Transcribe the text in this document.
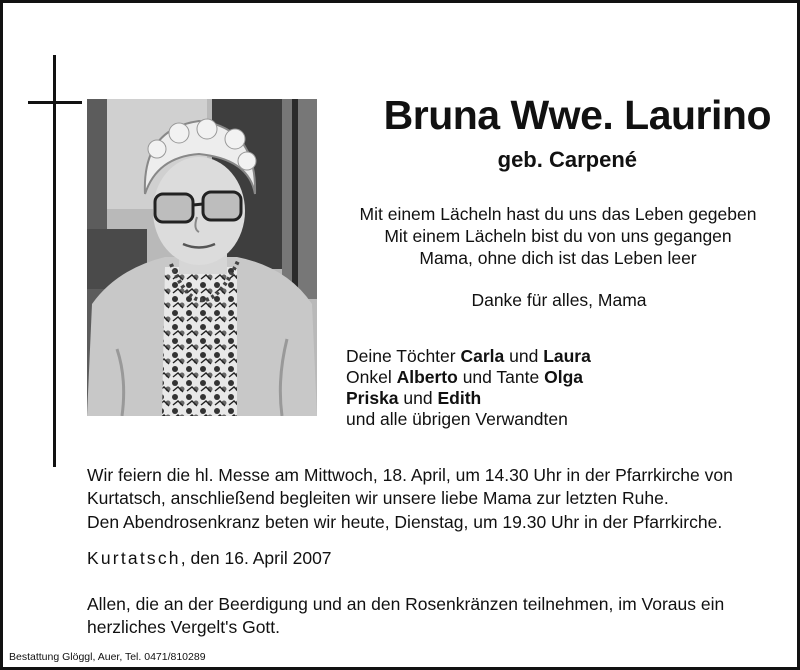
Bruna Wwe. Laurino
geb. Carpené
Mit einem Lächeln hast du uns das Leben gegeben
Mit einem Lächeln bist du von uns gegangen
Mama, ohne dich ist das Leben leer
Danke für alles, Mama
Deine Töchter Carla und Laura
Onkel Alberto und Tante Olga
Priska und Edith
und alle übrigen Verwandten
Wir feiern die hl. Messe am Mittwoch, 18. April, um 14.30 Uhr in der Pfarrkirche von Kurtatsch, anschließend begleiten wir unsere liebe Mama zur letzten Ruhe.
Den Abendrosenkranz beten wir heute, Dienstag, um 19.30 Uhr in der Pfarrkirche.
Kurtatsch, den 16. April 2007
Allen, die an der Beerdigung und an den Rosenkränzen teilnehmen, im Voraus ein herzliches Vergelt's Gott.
Bestattung Glöggl, Auer, Tel. 0471/810289
